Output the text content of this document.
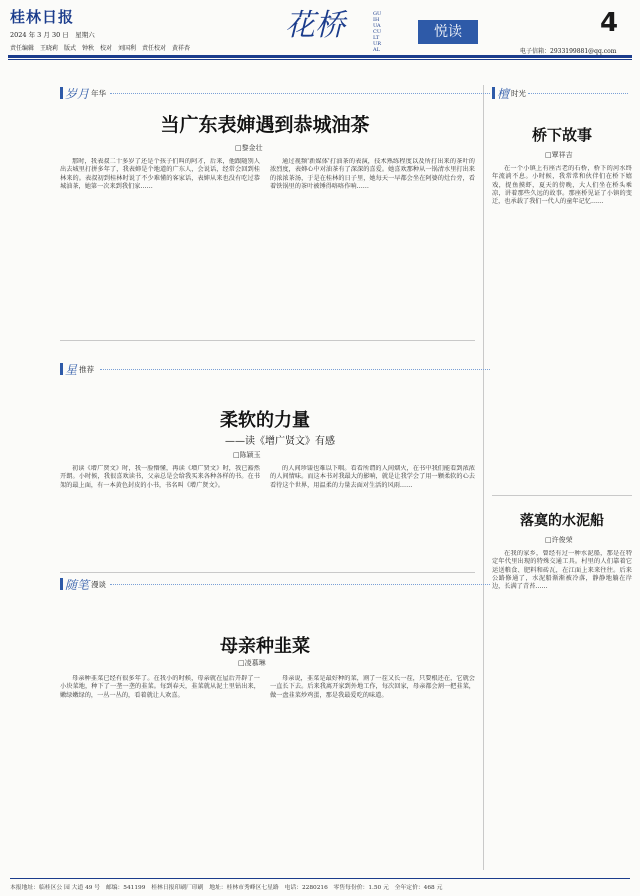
桂林日报
2024 年 3 月 30 日　星期六
责任编辑　王晓莉　版式　钟秋　校对　刘国利　责任校对　黄祥杏
花桥	GUIHUA CULTURAL
悦读	4
电子信箱：2933199881@qq.com
岁月 年华
当广东表婶遇到恭城油茶
□黎金壮
那时，我表叔二十多岁了还是个孩子们叫的阿才，后来，他跟随别人出去城里打拼多年了，我表婶是个地道的广东人，会说话，经常会回到桂林来的。表叔初到桂林时说了不少难懂的客家话，表婶从来也没有吃过恭城油茶，她第一次来到我们家……
通过视频'新媒体'打油茶的表演，技术熟练程度以及所打出来的茶叶的浓烈度，表婶心中对油茶有了深深的喜爱。她喜欢那种从一锅清水里打出来的浓浓茶汤，于是在桂林的日子里，她每天一早都会坐在阿婆的灶台旁，看着铁锅里的茶叶被锤得咯咯作响……
星 推荐
柔软的力量
——读《增广贤文》有感
□陈颖玉
初读《增广贤文》时，我一脸懵懂，再读《增广贤文》时，我已豁然开朗。小时候，我很喜欢读书，父亲总是会给我买来各种各样的书。在书架的最上面，有一本黄色封皮的小书，书名叫《增广贤文》。
的人间珍馐也难以下咽。看看所谓的人间烟火，在书中我们能看到浓浓的人间情味。而这本书对我最大的影响，就是让我学会了用一颗柔软的心去看待这个世界，用温柔的力量去面对生活的风雨……
随笔 漫谈
母亲种韭菜
□凌慕琳
母亲种韭菜已经有很多年了。在我小的时候，母亲就在屋后开辟了一小块菜地，种下了一垄一垄的韭菜。每到春天，韭菜就从泥土里钻出来，嫩绿嫩绿的，一丛一丛的，看着就让人欢喜。
母亲说，韭菜是最好种的菜，割了一茬又长一茬，只要根还在，它就会一直长下去。后来我离开家到外地工作，每次回家，母亲都会割一把韭菜，做一盘韭菜炒鸡蛋，那是我最爱吃的味道。
檀 时光
桥下故事
□覃祥吉
在一个小镇上有座古老的石桥，桥下的河水终年流淌不息。小时候，我常常和伙伴们在桥下嬉戏，捉鱼摸虾，夏天的傍晚，大人们坐在桥头乘凉，讲着那些久远的故事。那座桥见证了小镇的变迁，也承载了我们一代人的童年记忆……
落寞的水泥船
□许俊荣
在我的家乡，曾经有过一种水泥船，那是在特定年代里出现的特殊交通工具。村里的人们靠着它运送粮食、肥料和砖瓦，在江面上来来往往。后来公路修通了，水泥船渐渐被冷落，静静地躺在岸边，长满了青苔……
本报地址：临桂区公 园 大道 49 号　邮编：541199　桂林日报印刷厂印刷　地址：桂林市秀峰区七星路　电话：2280216　零售每份价：1.50 元　全年定价：468 元
